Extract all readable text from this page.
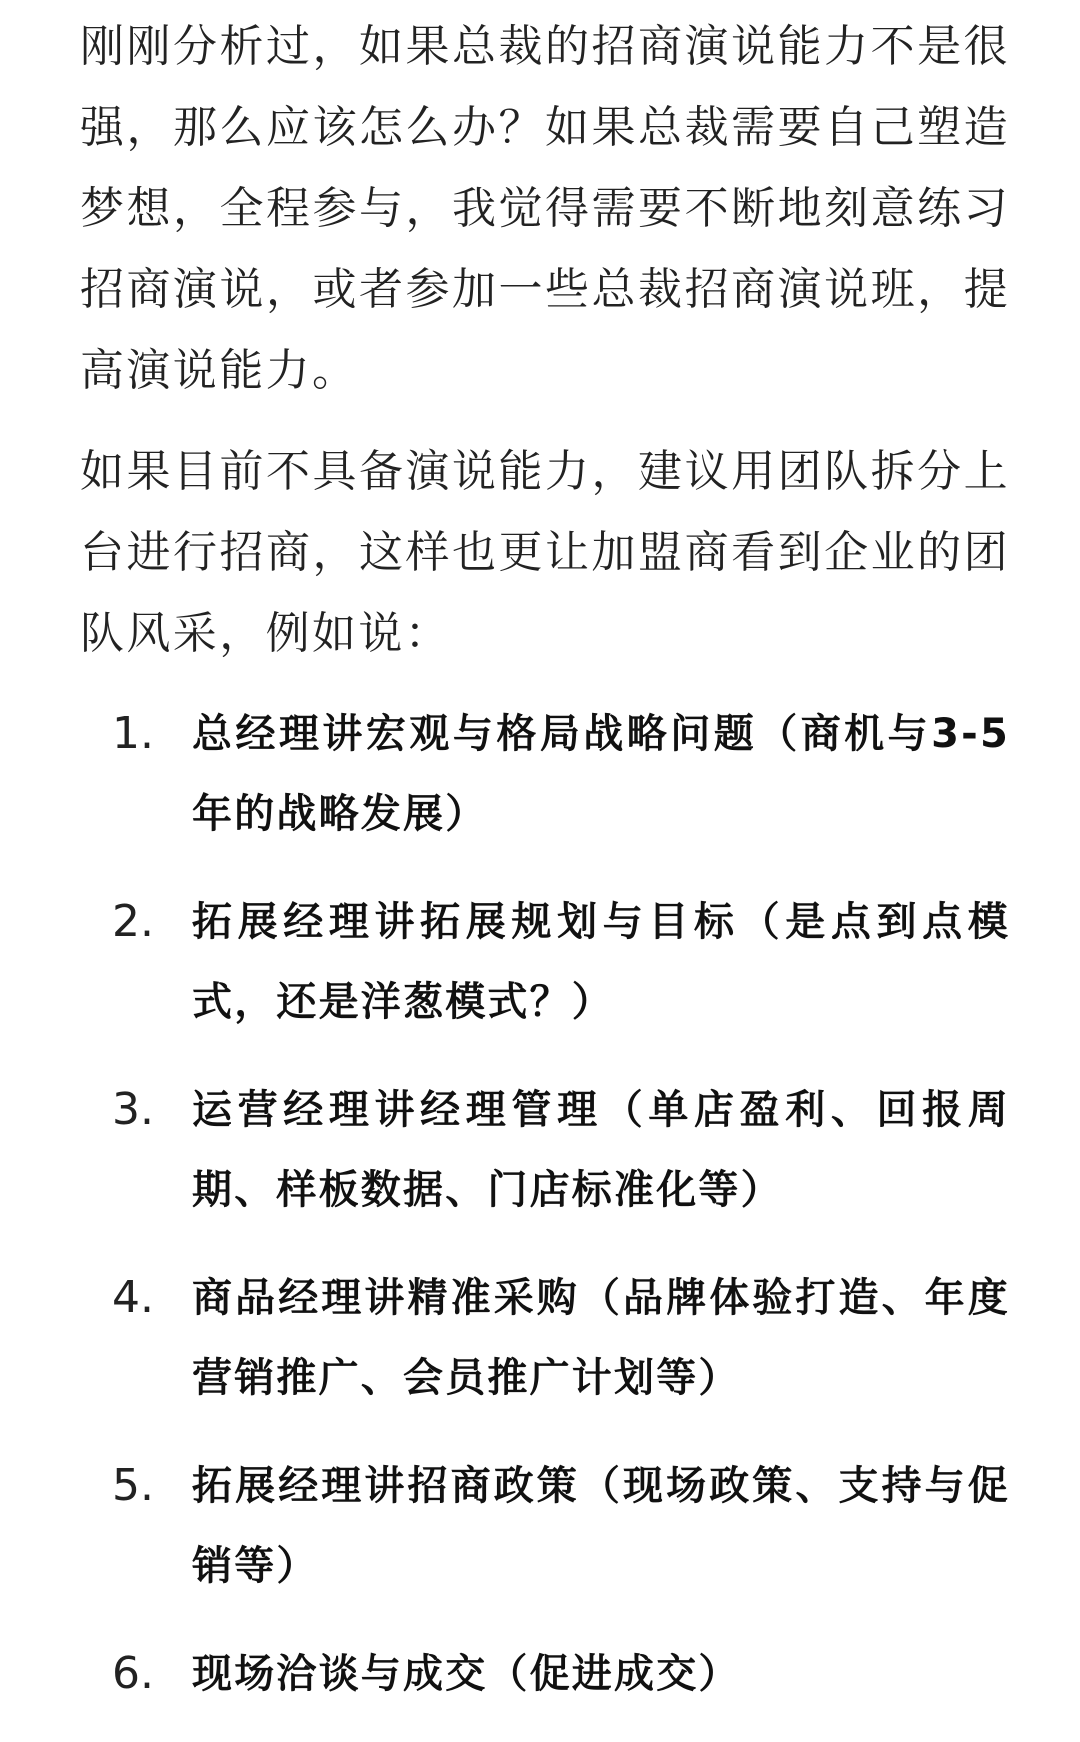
刚刚分析过，如果总裁的招商演说能力不是很强，那么应该怎么办？如果总裁需要自己塑造梦想，全程参与，我觉得需要不断地刻意练习招商演说，或者参加一些总裁招商演说班，提高演说能力。

如果目前不具备演说能力，建议用团队拆分上台进行招商，这样也更让加盟商看到企业的团队风采，例如说：

1. 总经理讲宏观与格局战略问题（商机与3-5年的战略发展）
2. 拓展经理讲拓展规划与目标（是点到点模式，还是洋葱模式？）
3. 运营经理讲经理管理（单店盈利、回报周期、样板数据、门店标准化等）
4. 商品经理讲精准采购（品牌体验打造、年度营销推广、会员推广计划等）
5. 拓展经理讲招商政策（现场政策、支持与促销等）
6. 现场洽谈与成交（促进成交）
